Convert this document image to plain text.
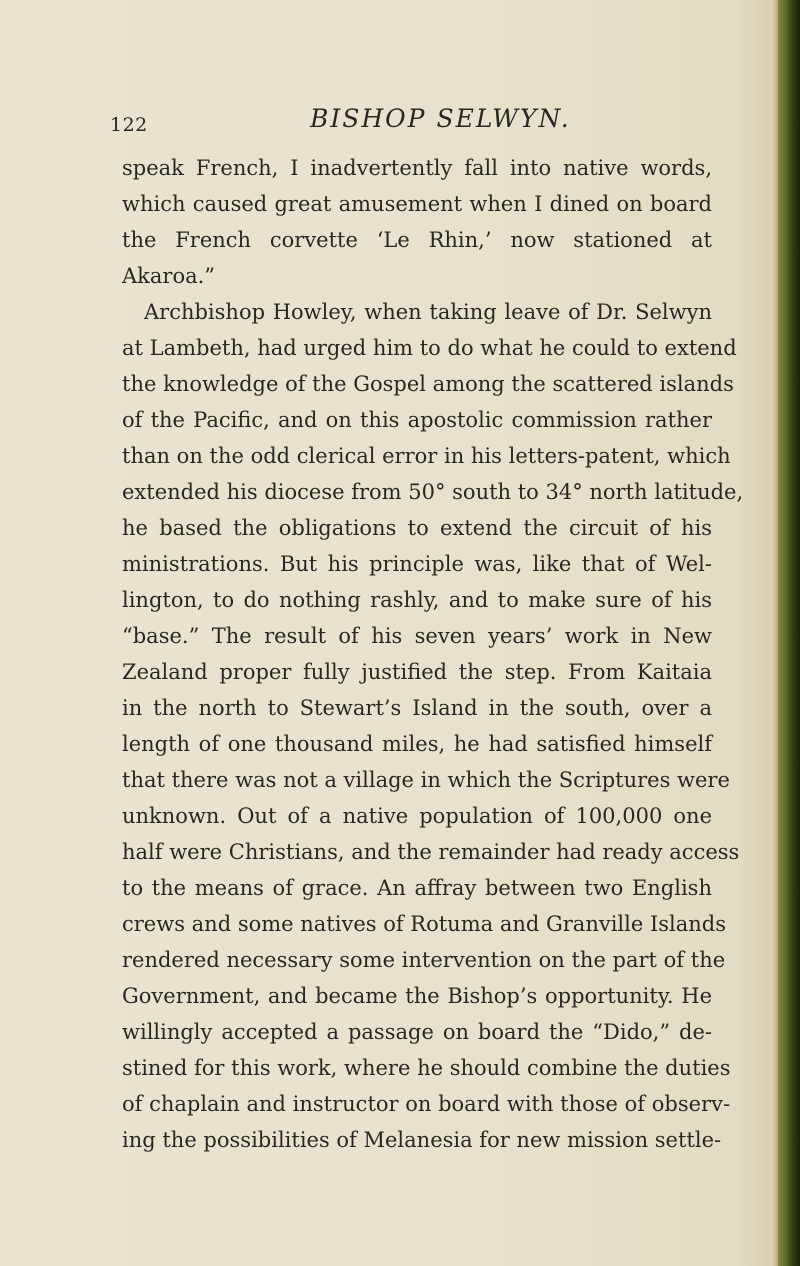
122	BISHOP SELWYN.
speak French, I inadvertently fall into native words,
which caused great amusement when I dined on board
the French corvette ‘Le Rhin,’ now stationed at
Akaroa.”
Archbishop Howley, when taking leave of Dr. Selwyn
at Lambeth, had urged him to do what he could to extend
the knowledge of the Gospel among the scattered islands
of the Pacific, and on this apostolic commission rather
than on the odd clerical error in his letters-patent, which
extended his diocese from 50° south to 34° north latitude,
he based the obligations to extend the circuit of his
ministrations. But his principle was, like that of Wel-
lington, to do nothing rashly, and to make sure of his
“base.” The result of his seven years’ work in New
Zealand proper fully justified the step. From Kaitaia
in the north to Stewart’s Island in the south, over a
length of one thousand miles, he had satisfied himself
that there was not a village in which the Scriptures were
unknown. Out of a native population of 100,000 one
half were Christians, and the remainder had ready access
to the means of grace. An affray between two English
crews and some natives of Rotuma and Granville Islands
rendered necessary some intervention on the part of the
Government, and became the Bishop’s opportunity. He
willingly accepted a passage on board the “Dido,” de-
stined for this work, where he should combine the duties
of chaplain and instructor on board with those of observ-
ing the possibilities of Melanesia for new mission settle-
